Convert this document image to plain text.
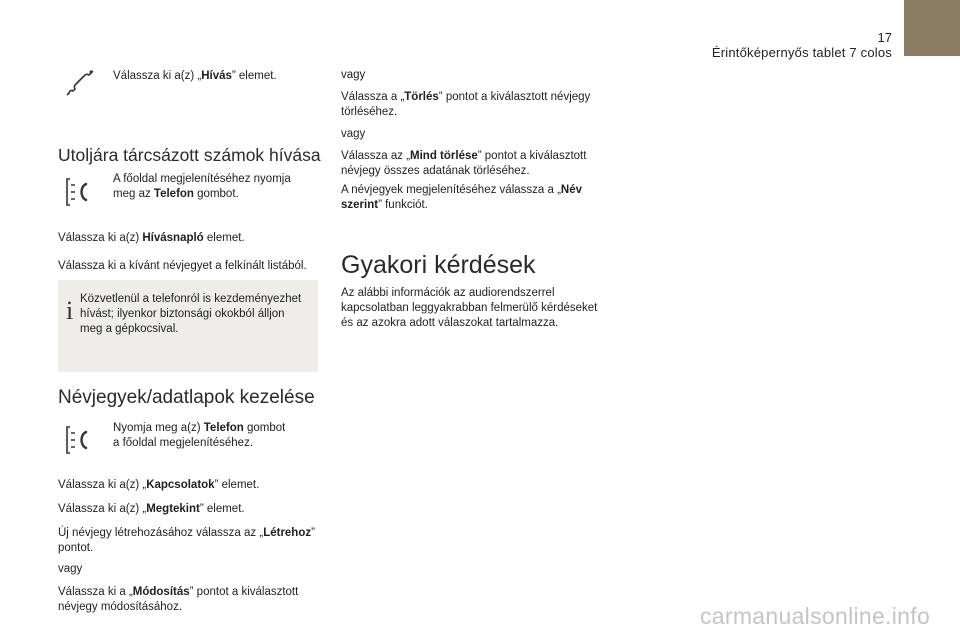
17
Érintőképernyős tablet 7 colos

Válassza ki a(z) „Hívás” elemet.

Utoljára tárcsázott számok hívása

A főoldal megjelenítéséhez nyomja meg az Telefon gombot.

Válassza ki a(z) Hívásnapló elemet.

Válassza ki a kívánt névjegyet a felkínált listából.

i Közvetlenül a telefonról is kezdeményezhet hívást; ilyenkor biztonsági okokból álljon meg a gépkocsival.

Névjegyek/adatlapok kezelése

Nyomja meg a(z) Telefon gombot a főoldal megjelenítéséhez.

Válassza ki a(z) „Kapcsolatok” elemet.

Válassza ki a(z) „Megtekint” elemet.

Új névjegy létrehozásához válassza az „Létrehoz” pontot.

vagy

Válassza ki a „Módosítás” pontot a kiválasztott névjegy módosításához.

vagy

Válassza a „Törlés” pontot a kiválasztott névjegy törléséhez.

vagy

Válassza az „Mind törlése” pontot a kiválasztott névjegy összes adatának törléséhez.

A névjegyek megjelenítéséhez válassza a „Név szerint” funkciót.

Gyakori kérdések

Az alábbi információk az audiorendszerrel kapcsolatban leggyakrabban felmerülő kérdéseket és az azokra adott válaszokat tartalmazza.

carmanualsonline.info
